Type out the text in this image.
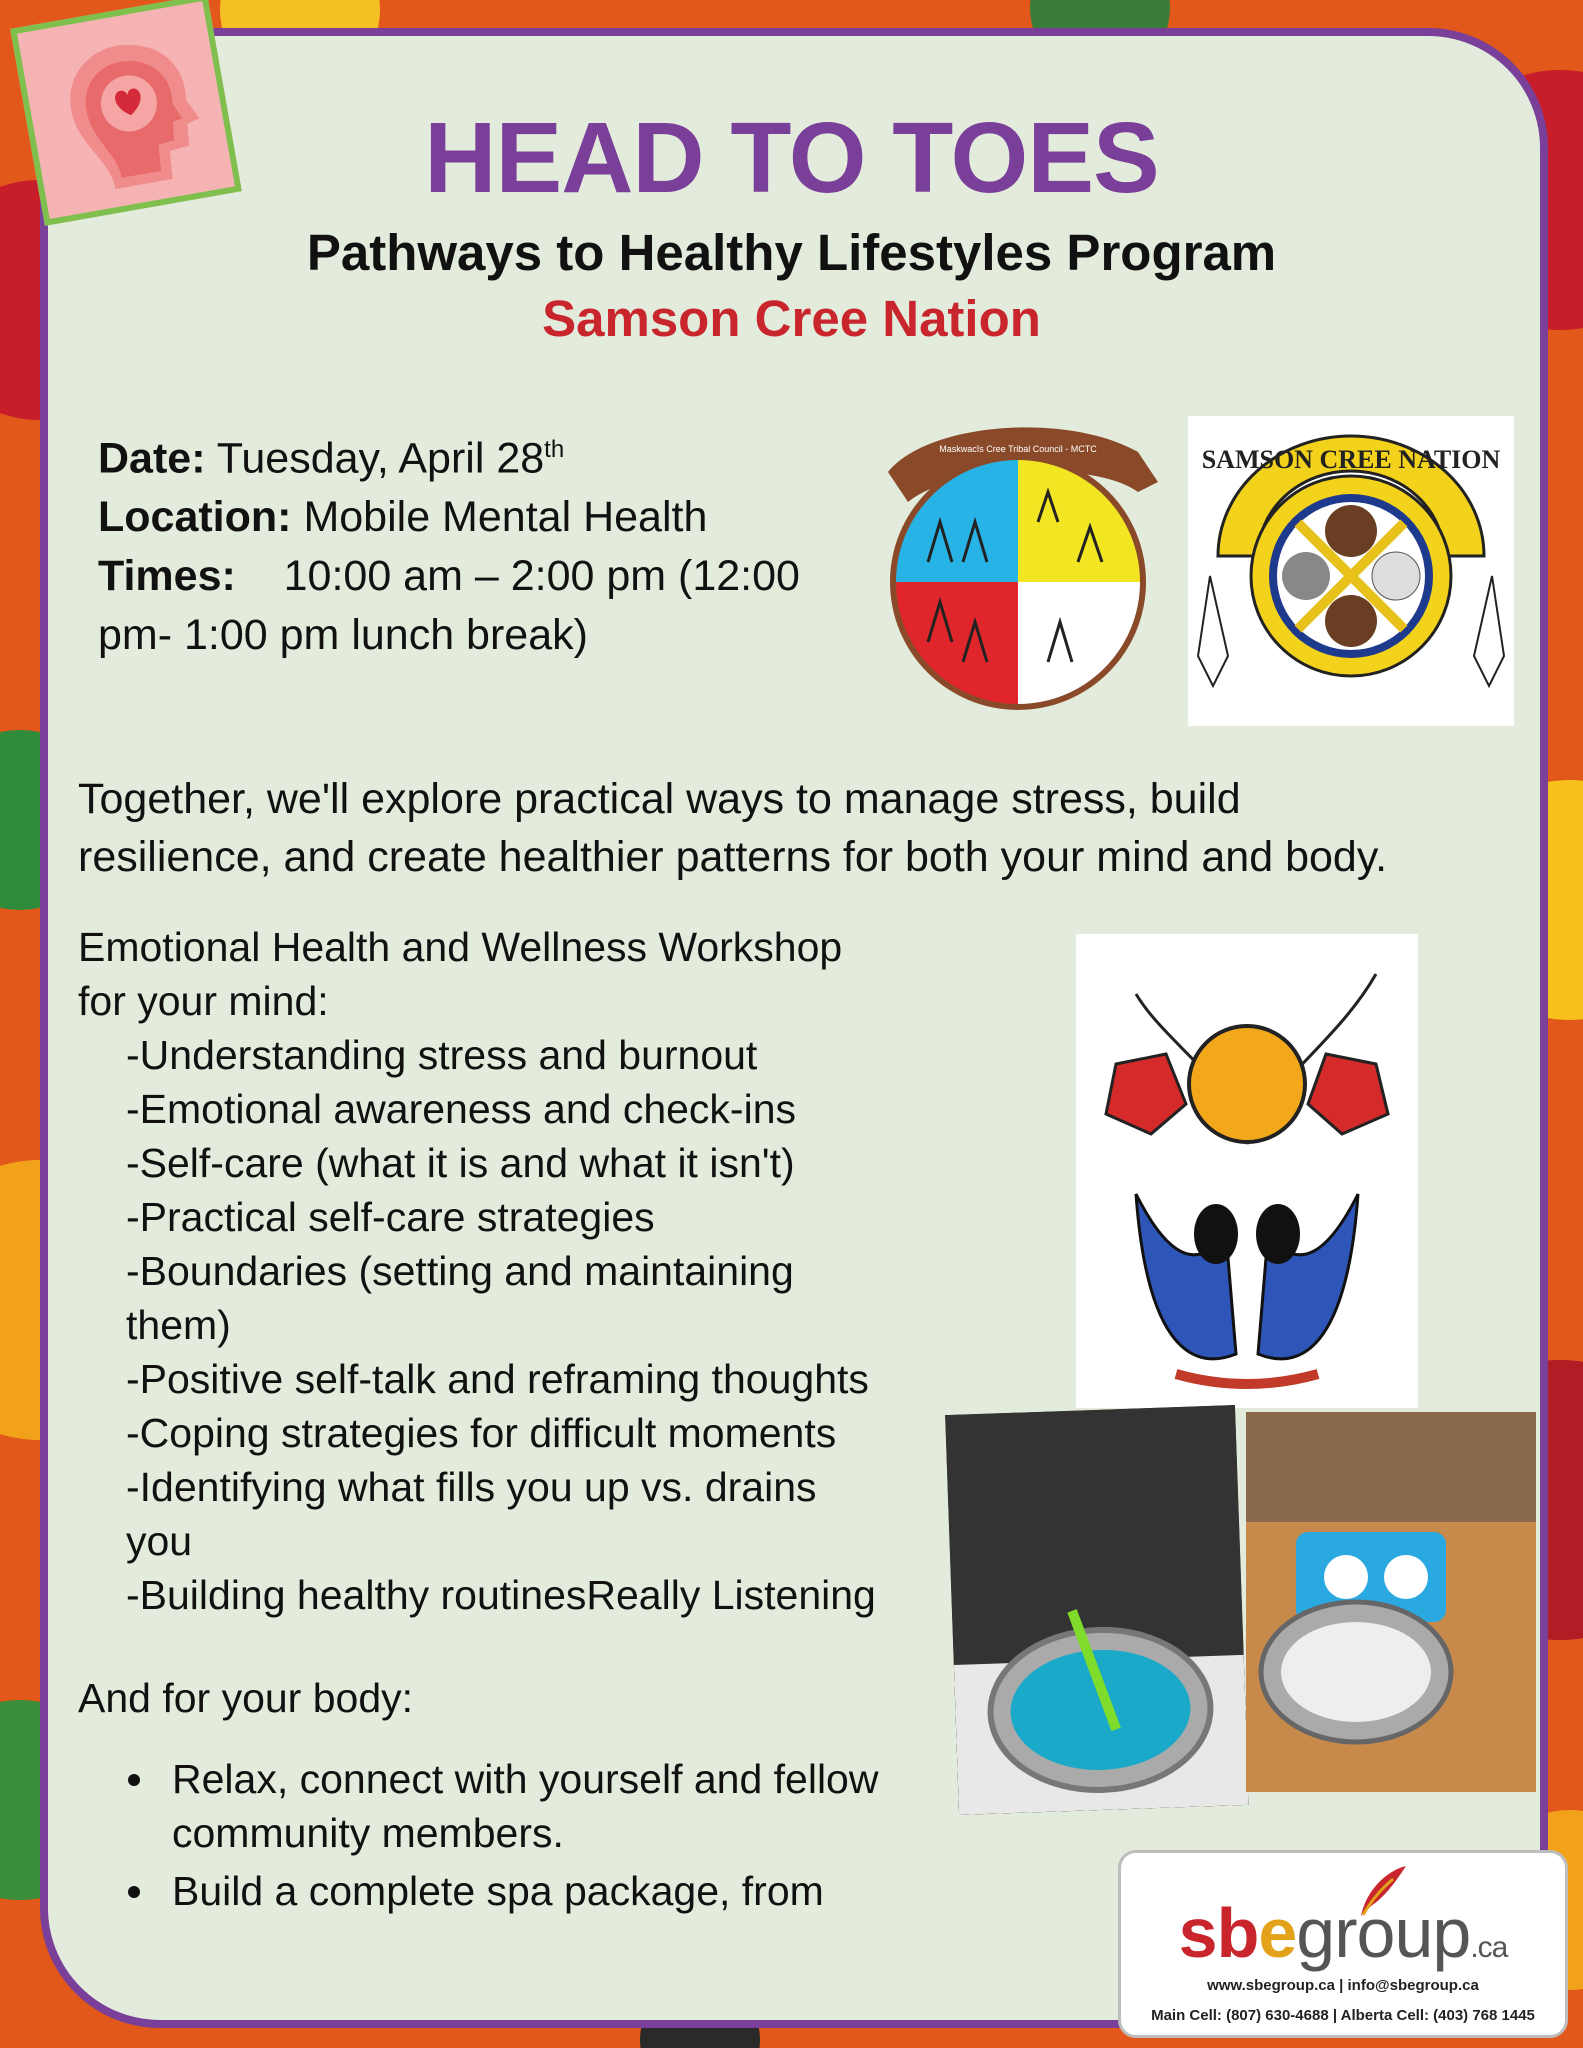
HEAD TO TOES
Pathways to Healthy Lifestyles Program
Samson Cree Nation
Date: Tuesday, April 28th
Location: Mobile Mental Health
Times: 10:00 am – 2:00 pm (12:00
pm- 1:00 pm lunch break)
Maskwacîs Cree Tribal Council - MCTC	SAMSON CREE NATION
Together, we'll explore practical ways to manage stress, build
resilience, and create healthier patterns for both your mind and body.
Emotional Health and Wellness Workshop
for your mind:
-Understanding stress and burnout
-Emotional awareness and check-ins
-Self-care (what it is and what it isn't)
-Practical self-care strategies
-Boundaries (setting and maintaining
them)
-Positive self-talk and reframing thoughts
-Coping strategies for difficult moments
-Identifying what fills you up vs. drains
you
-Building healthy routinesReally Listening
And for your body:
Relax, connect with yourself and fellow community members.
Build a complete spa package, from
sbegroup.ca
www.sbegroup.ca | info@sbegroup.ca
Main Cell: (807) 630-4688 | Alberta Cell: (403) 768 1445
